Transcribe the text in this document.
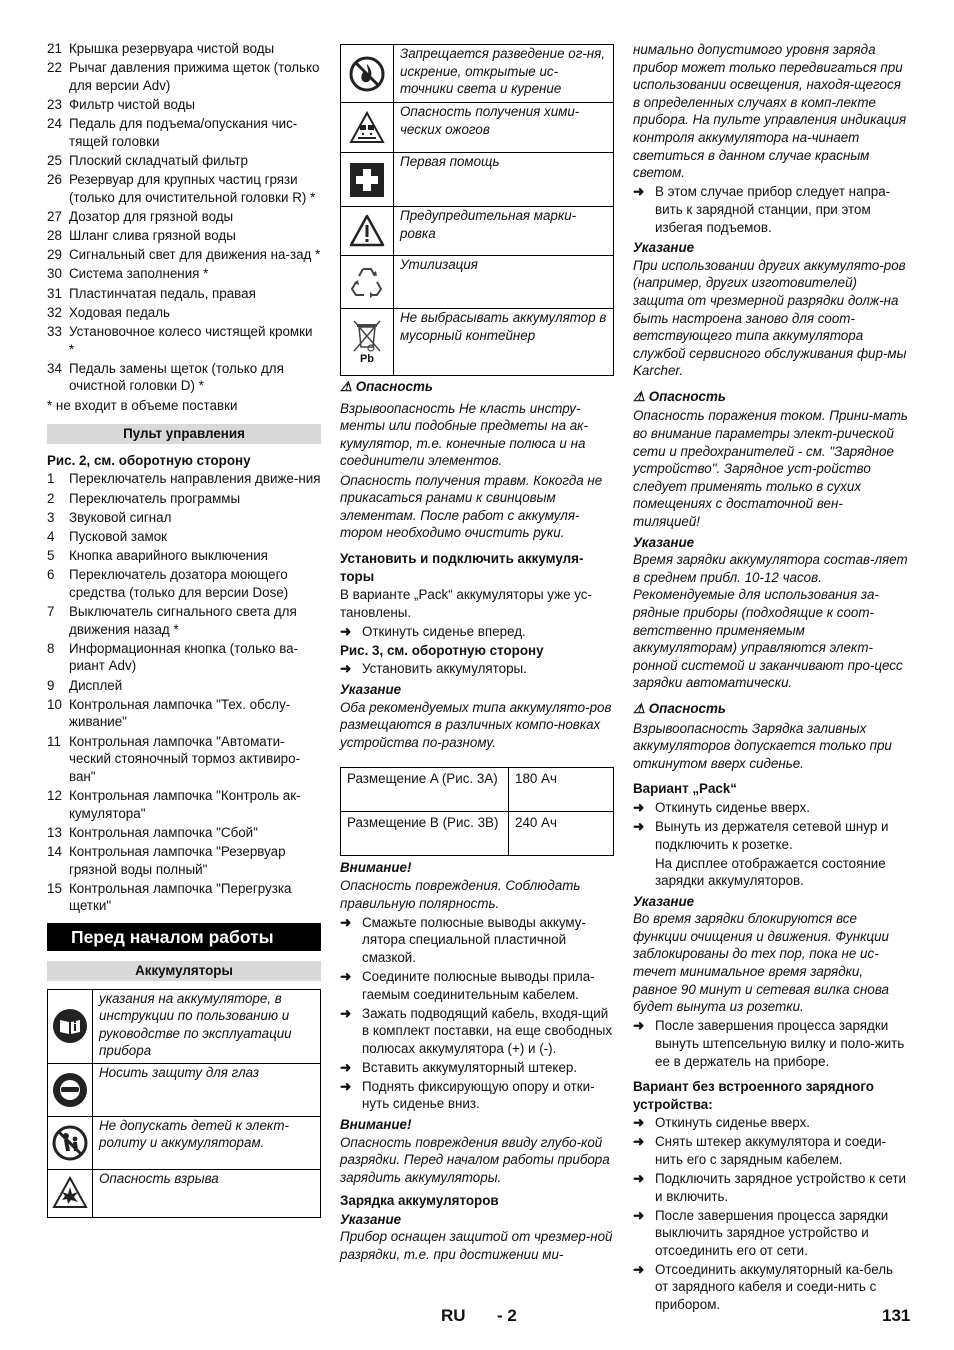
21 Крышка резервуара чистой воды
22 Рычаг давления прижима щеток (только для версии Adv)
23 Фильтр чистой воды
24 Педаль для подъема/опускания чис-тящей головки
25 Плоский складчатый фильтр
26 Резервуар для крупных частиц грязи (только для очистительной головки R) *
27 Дозатор для грязной воды
28 Шланг слива грязной воды
29 Сигнальный свет для движения на-зад *
30 Система заполнения *
31 Пластинчатая педаль, правая
32 Ходовая педаль
33 Установочное колесо чистящей кромки *
34 Педаль замены щеток (только для очистной головки D) *
* не входит в объеме поставки
Пульт управления
Рис. 2, см. оборотную сторону
1	Переключатель направления движе-ния
2	Переключатель программы
3	Звуковой сигнал
4	Пусковой замок
5	Кнопка аварийного выключения
6	Переключатель дозатора моющего средства (только для версии Dose)
7	Выключатель сигнального света для движения назад *
8	Информационная кнопка (только ва-риант Adv)
9	Дисплей
10 Контрольная лампочка "Тех. обслу-живание"
11 Контрольная лампочка "Автомати-ческий стояночный тормоз активиро-ван"
12 Контрольная лампочка "Контроль ак-кумулятора"
13 Контрольная лампочка "Сбой"
14 Контрольная лампочка "Резервуар грязной воды полный"
15 Контрольная лампочка "Перегрузка щетки"
Перед началом работы
Аккумуляторы
	указания на аккумуляторе, в инструкции по пользованию и руководстве по эксплуатации прибора

	Носить защиту для глаз

	Не допускать детей к элект-ролиту и аккумуляторам.

	Опасность взрыва
	Запрещается разведение ог-ня, искрение, открытые ис-точники света и курение

	Опасность получения хими-ческих ожогов

	Первая помощь

	Предупредительная марки-ровка

	Утилизация

Pb	Не выбрасывать аккумулятор в мусорный контейнер
⚠ Опасность
Взрывоопасность Не класть инстру-менты или подобные предметы на ак-кумулятор, т.е. конечные полюса и на соединители элементов.
Опасность получения травм. Кокогда не прикасаться ранами к свинцовым элементам. После работ с аккумуля-тором необходимо очистить руки.
Установить и подключить аккумуля-торы
В варианте „Pack“ аккумуляторы уже ус-тановлены.
➜ Откинуть сиденье вперед.
Рис. 3, см. оборотную сторону
➜ Установить аккумуляторы.
Указание
Оба рекомендуемых типа аккумулято-ров размещаются в различных компо-новках устройства по-разному.
Размещение A (Рис. 3A)	180 Ач
Размещение B (Рис. 3B)	240 Ач
Внимание!
Опасность повреждения. Соблюдать правильную полярность.
➜ Смажьте полюсные выводы аккуму-лятора специальной пластичной смазкой.
➜ Соедините полюсные выводы прила-гаемым соединительным кабелем.
➜ Зажать подводящий кабель, входя-щий в комплект поставки, на еще свободных полюсах аккумулятора (+) и (-).
➜ Вставить аккумуляторный штекер.
➜ Поднять фиксирующую опору и отки-нуть сиденье вниз.
Внимание!
Опасность повреждения ввиду глубо-кой разрядки. Перед началом работы прибора зарядить аккумуляторы.
Зарядка аккумуляторов
Указание
Прибор оснащен защитой от чрезмер-ной разрядки, т.е. при достижении ми-
нимально допустимого уровня заряда прибор может только передвигаться при использовании освещения, находя-щегося в определенных случаях в комп-лекте прибора. На пульте управления индикация контроля аккумулятора на-чинает светиться в данном случае красным светом.
➜ В этом случае прибор следует напра-вить к зарядной станции, при этом избегая подъемов.
Указание
При использовании других аккумулято-ров (например, других изготовителей) защита от чрезмерной разрядки долж-на быть настроена заново для соот-ветствующего типа аккумулятора службой сервисного обслуживания фир-мы Karcher.
⚠ Опасность
Опасность поражения током. Прини-мать во внимание параметры элект-рической сети и предохранителей - см. "Зарядное устройство". Зарядное уст-ройство следует применять только в сухих помещениях с достаточной вен-тиляцией!
Указание
Время зарядки аккумулятора состав-ляет в среднем прибл. 10-12 часов. Рекомендуемые для использования за-рядные приборы (подходящие к соот-ветственно применяемым аккумуляторам) управляются элект-ронной системой и заканчивают про-цесс зарядки автоматически.
⚠ Опасность
Взрывоопасность Зарядка заливных аккумуляторов допускается только при откинутом вверх сиденье.
Вариант „Pack“
➜ Откинуть сиденье вверх.
➜ Вынуть из держателя сетевой шнур и подключить к розетке.
На дисплее отображается состояние зарядки аккумуляторов.
Указание
Во время зарядки блокируются все функции очищения и движения. Функции заблокированы до тех пор, пока не ис-течет минимальное время зарядки, равное 90 минут и сетевая вилка снова будет вынута из розетки.
➜ После завершения процесса зарядки вынуть штепсельную вилку и поло-жить ее в держатель на приборе.
Вариант без встроенного зарядного устройства:
➜ Откинуть сиденье вверх.
➜ Снять штекер аккумулятора и соеди-нить его с зарядным кабелем.
➜ Подключить зарядное устройство к сети и включить.
➜ После завершения процесса зарядки выключить зарядное устройство и отсоединить его от сети.
➜ Отсоединить аккумуляторный ка-бель от зарядного кабеля и соеди-нить с прибором.
RU - 2	131
